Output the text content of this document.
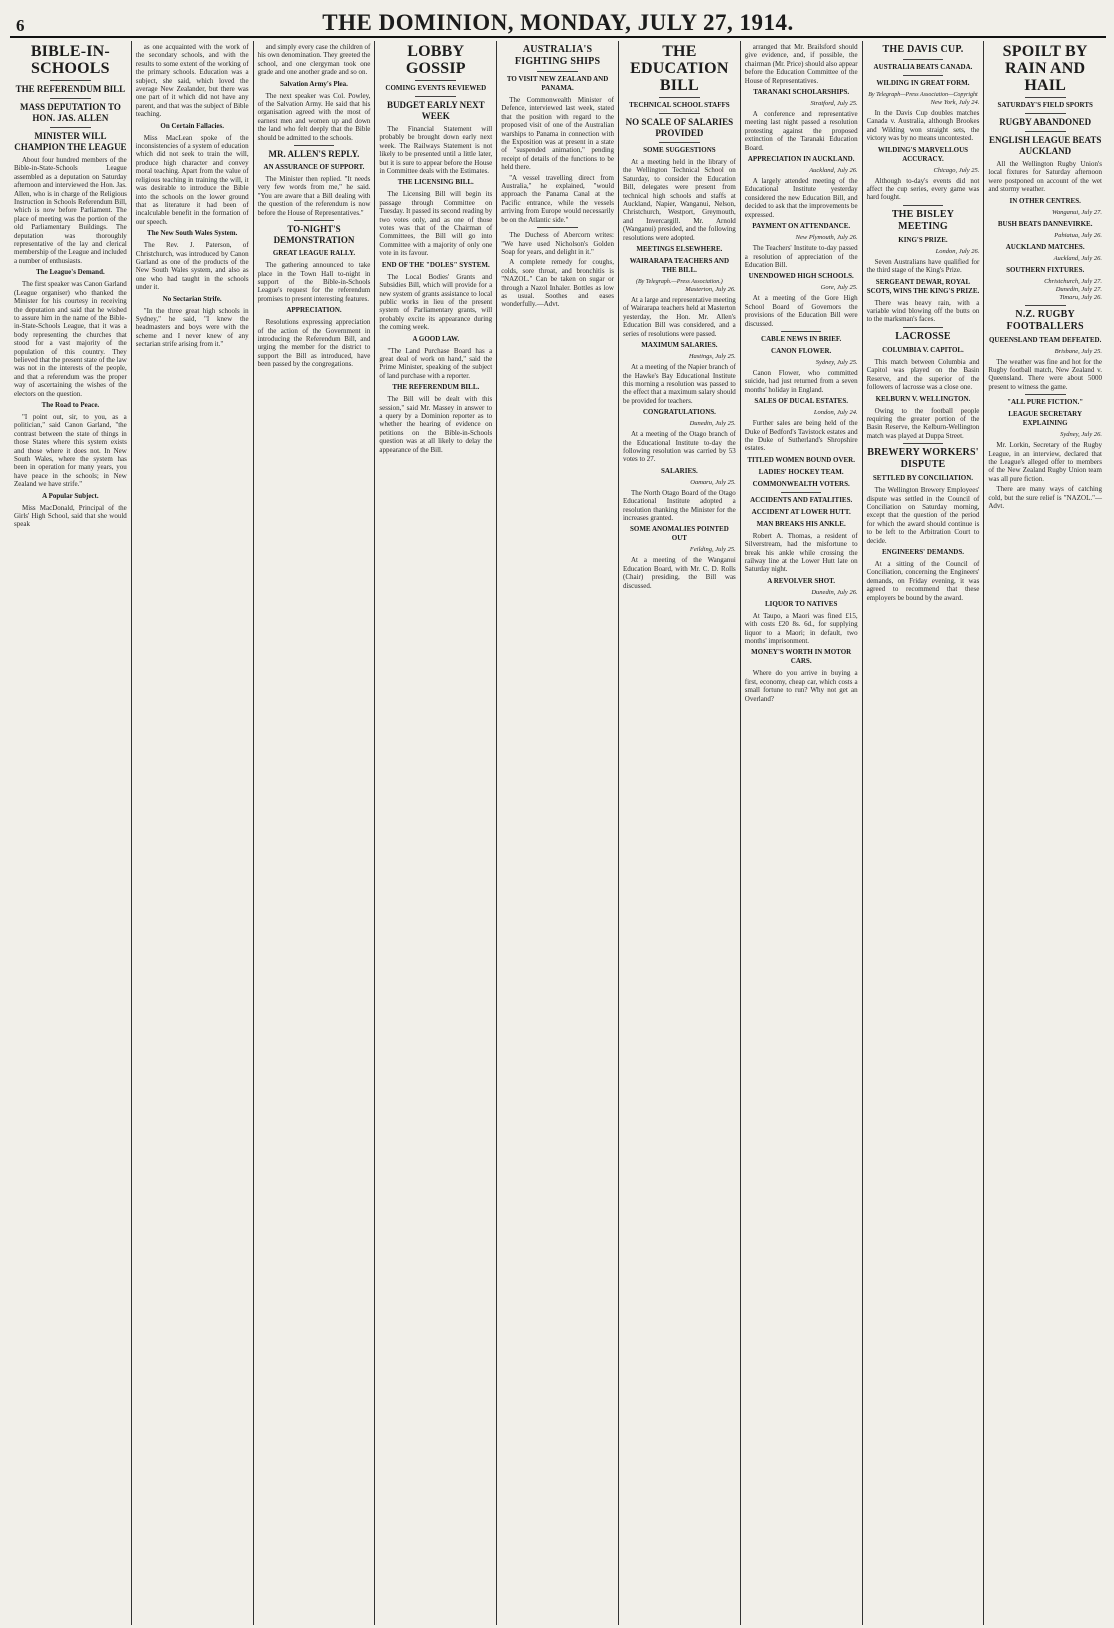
6	THE DOMINION, MONDAY, JULY 27, 1914.
BIBLE-IN-SCHOOLS
THE REFERENDUM BILL
MASS DEPUTATION TO HON. JAS. ALLEN
MINISTER WILL CHAMPION THE LEAGUE

About four hundred members of the Bible-in-State-Schools League assembled as a deputation on Saturday afternoon and interviewed the Hon. Jas. Allen, who is in charge of the Religious Instruction in Schools Referendum Bill, which is now before Parliament. The place of meeting was the portion of the old Parliamentary Buildings. The deputation was thoroughly representative of the lay and clerical membership of the League and included a number of enthusiasts.

The League's Demand.

The first speaker was Canon Garland (League organiser) who thanked the Minister for his courtesy in receiving the deputation and said that he wished to assure him in the name of the Bible-in-State-Schools League, that it was a body representing the churches that stood for a vast majority of the population of this country. They believed that the present state of the law was not in the interests of the people, and that a referendum was the proper way of ascertaining the wishes of the electors on the question.

The Road to Peace.

"I point out, sir, to you, as a politician," said Canon Garland, "the contrast between the state of things in those States where this system exists and those where it does not. In New South Wales, where the system has been in operation for many years, you have peace in the schools; in New Zealand we have strife."

A Popular Subject.

Miss MacDonald, Principal of the Girls' High School, said that she would speak

as one acquainted with the work of the secondary schools, and with the results to some extent of the working of the primary schools. Education was a subject, she said, which loved the average New Zealander, but there was one part of it which did not have any parent, and that was the subject of Bible teaching.

On Certain Fallacies.

Miss MacLean spoke of the inconsistencies of a system of education which did not seek to train the will, produce high character and convey moral teaching. Apart from the value of religious teaching in training the will, it was desirable to introduce the Bible into the schools on the lower ground that as literature it had been of incalculable benefit in the formation of our speech.

The New South Wales System.

The Rev. J. Paterson, of Christchurch, was introduced by Canon Garland as one of the products of the New South Wales system, and also as one who had taught in the schools under it.

No Sectarian Strife.

"In the three great high schools in Sydney," he said, "I knew the headmasters and boys were with the scheme and I never knew of any sectarian strife arising from it."

and simply every case the children of his own denomination. They greeted the school, and one clergyman took one grade and one another grade and so on.

Salvation Army's Plea.

The next speaker was Col. Powley, of the Salvation Army. He said that his organisation agreed with the most of earnest men and women up and down the land who felt deeply that the Bible should be admitted to the schools.

MR. ALLEN'S REPLY.
AN ASSURANCE OF SUPPORT.

The Minister then replied. "It needs very few words from me," he said. "You are aware that a Bill dealing with the question of the referendum is now before the House of Representatives."

TO-NIGHT'S DEMONSTRATION
GREAT LEAGUE RALLY.

The gathering announced to take place in the Town Hall to-night in support of the Bible-in-Schools League's request for the referendum promises to present interesting features.

APPRECIATION.

Resolutions expressing appreciation of the action of the Government in introducing the Referendum Bill, and urging the member for the district to support the Bill as introduced, have been passed by the congregations.

LOBBY GOSSIP
COMING EVENTS REVIEWED
BUDGET EARLY NEXT WEEK

The Financial Statement will probably be brought down early next week. The Railways Statement is not likely to be presented until a little later, but it is sure to appear before the House in Committee deals with the Estimates.

THE LICENSING BILL.

The Licensing Bill will begin its passage through Committee on Tuesday. It passed its second reading by two votes only, and as one of those votes was that of the Chairman of Committees, the Bill will go into Committee with a majority of only one vote in its favour.

END OF THE "DOLES" SYSTEM.

The Local Bodies' Grants and Subsidies Bill, which will provide for a new system of grants assistance to local public works in lieu of the present system of Parliamentary grants, will probably excite its appearance during the coming week.

A GOOD LAW.

"The Land Purchase Board has a great deal of work on hand," said the Prime Minister, speaking of the subject of land purchase with a reporter.

THE REFERENDUM BILL.

The Bill will be dealt with this session," said Mr. Massey in answer to a query by a Dominion reporter as to whether the hearing of evidence on petitions on the Bible-in-Schools question was at all likely to delay the appearance of the Bill.

AUSTRALIA'S FIGHTING SHIPS
TO VISIT NEW ZEALAND AND PANAMA.

The Commonwealth Minister of Defence, interviewed last week, stated that the position with regard to the proposed visit of one of the Australian warships to Panama in connection with the Exposition was at present in a state of "suspended animation," pending receipt of details of the functions to be held there.

"A vessel travelling direct from Australia," he explained, "would approach the Panama Canal at the Pacific entrance, while the vessels arriving from Europe would necessarily be on the Atlantic side."

The Duchess of Abercorn writes: "We have used Nicholson's Golden Soap for years, and delight in it."

A complete remedy for coughs, colds, sore throat, and bronchitis is "NAZOL." Can be taken on sugar or through a Nazol Inhaler. Bottles as low as usual. Soothes and eases wonderfully.—Advt.

THE EDUCATION BILL
TECHNICAL SCHOOL STAFFS
NO SCALE OF SALARIES PROVIDED
SOME SUGGESTIONS

At a meeting held in the library of the Wellington Technical School on Saturday, to consider the Education Bill, delegates were present from technical high schools and staffs at Auckland, Napier, Wanganui, Nelson, Christchurch, Westport, Greymouth, and Invercargill. Mr. Arnold (Wanganui) presided, and the following resolutions were adopted.

MEETINGS ELSEWHERE.
WAIRARAPA TEACHERS AND THE BILL.
(By Telegraph.—Press Association.)
Masterton, July 26.

At a large and representative meeting of Wairarapa teachers held at Masterton yesterday, the Hon. Mr. Allen's Education Bill was considered, and a series of resolutions were passed.

MAXIMUM SALARIES.
Hastings, July 25.

At a meeting of the Napier branch of the Hawke's Bay Educational Institute this morning a resolution was passed to the effect that a maximum salary should be provided for teachers.

CONGRATULATIONS.
Dunedin, July 25.

At a meeting of the Otago branch of the Educational Institute to-day the following resolution was carried by 53 votes to 27.

SALARIES.
Oamaru, July 25.

The North Otago Board of the Otago Educational Institute adopted a resolution thanking the Minister for the increases granted.

SOME ANOMALIES POINTED OUT
Feilding, July 25.

At a meeting of the Wanganui Education Board, with Mr. C. D. Rolls (Chair) presiding, the Bill was discussed.

arranged that Mr. Brailsford should give evidence, and, if possible, the chairman (Mr. Price) should also appear before the Education Committee of the House of Representatives.

TARANAKI SCHOLARSHIPS.
Stratford, July 25.

A conference and representative meeting last night passed a resolution protesting against the proposed extinction of the Taranaki Education Board.

APPRECIATION IN AUCKLAND.
Auckland, July 26.

A largely attended meeting of the Educational Institute yesterday considered the new Education Bill, and decided to ask that the improvements be expressed.

PAYMENT ON ATTENDANCE.
New Plymouth, July 26.

The Teachers' Institute to-day passed a resolution of appreciation of the Education Bill.

UNENDOWED HIGH SCHOOLS.
Gore, July 25.

At a meeting of the Gore High School Board of Governors the provisions of the Education Bill were discussed.

CABLE NEWS IN BRIEF.
CANON FLOWER.
Sydney, July 25.

Canon Flower, who committed suicide, had just returned from a seven months' holiday in England.

SALES OF DUCAL ESTATES.
London, July 24.

Further sales are being held of the Duke of Bedford's Tavistock estates and the Duke of Sutherland's Shropshire estates.

TITLED WOMEN BOUND OVER.
LADIES' HOCKEY TEAM.
COMMONWEALTH VOTERS.
ACCIDENTS AND FATALITIES.
ACCIDENT AT LOWER HUTT.
MAN BREAKS HIS ANKLE.

Robert A. Thomas, a resident of Silverstream, had the misfortune to break his ankle while crossing the railway line at the Lower Hutt late on Saturday night.

A REVOLVER SHOT.
Dunedin, July 26.
LIQUOR TO NATIVES

At Taupo, a Maori was fined £15, with costs £20 8s. 6d., for supplying liquor to a Maori; in default, two months' imprisonment.

MONEY'S WORTH IN MOTOR CARS.

Where do you arrive in buying a first, economy, cheap car, which costs a small fortune to run? Why not get an Overland?

THE DAVIS CUP.
AUSTRALIA BEATS CANADA.
WILDING IN GREAT FORM.
By Telegraph—Press Association—Copyright
New York, July 24.

In the Davis Cup doubles matches Canada v. Australia, although Brookes and Wilding won straight sets, the victory was by no means uncontested.

WILDING'S MARVELLOUS ACCURACY.
Chicago, July 25.

Although to-day's events did not affect the cup series, every game was hard fought.

THE BISLEY MEETING
KING'S PRIZE.
London, July 26.

Seven Australians have qualified for the third stage of the King's Prize.

SERGEANT DEWAR, ROYAL SCOTS, WINS THE KING'S PRIZE.

There was heavy rain, with a variable wind blowing off the butts on to the marksman's faces.

LACROSSE
COLUMBIA V. CAPITOL.

This match between Columbia and Capitol was played on the Basin Reserve, and the superior of the followers of lacrosse was a close one.

KELBURN V. WELLINGTON.

Owing to the football people requiring the greater portion of the Basin Reserve, the Kelburn-Wellington match was played at Duppa Street.

BREWERY WORKERS' DISPUTE
SETTLED BY CONCILIATION.

The Wellington Brewery Employees' dispute was settled in the Council of Conciliation on Saturday morning, except that the question of the period for which the award should continue is to be left to the Arbitration Court to decide.

ENGINEERS' DEMANDS.

At a sitting of the Council of Conciliation, concerning the Engineers' demands, on Friday evening, it was agreed to recommend that these employers be bound by the award.

SPOILT BY RAIN AND HAIL
SATURDAY'S FIELD SPORTS
RUGBY ABANDONED
ENGLISH LEAGUE BEATS AUCKLAND

All the Wellington Rugby Union's local fixtures for Saturday afternoon were postponed on account of the wet and stormy weather.

IN OTHER CENTRES.
Wanganui, July 27.
BUSH BEATS DANNEVIRKE.
Pahiatua, July 26.
AUCKLAND MATCHES.
Auckland, July 26.
SOUTHERN FIXTURES.
Christchurch, July 27.
Dunedin, July 27.
Timaru, July 26.
N.Z. RUGBY FOOTBALLERS
QUEENSLAND TEAM DEFEATED.
Brisbane, July 25.

The weather was fine and hot for the Rugby football match, New Zealand v. Queensland. There were about 5000 present to witness the game.

"ALL PURE FICTION."
LEAGUE SECRETARY EXPLAINING
Sydney, July 26.

Mr. Lorkin, Secretary of the Rugby League, in an interview, declared that the League's alleged offer to members of the New Zealand Rugby Union team was all pure fiction.

There are many ways of catching cold, but the sure relief is "NAZOL."—Advt.
